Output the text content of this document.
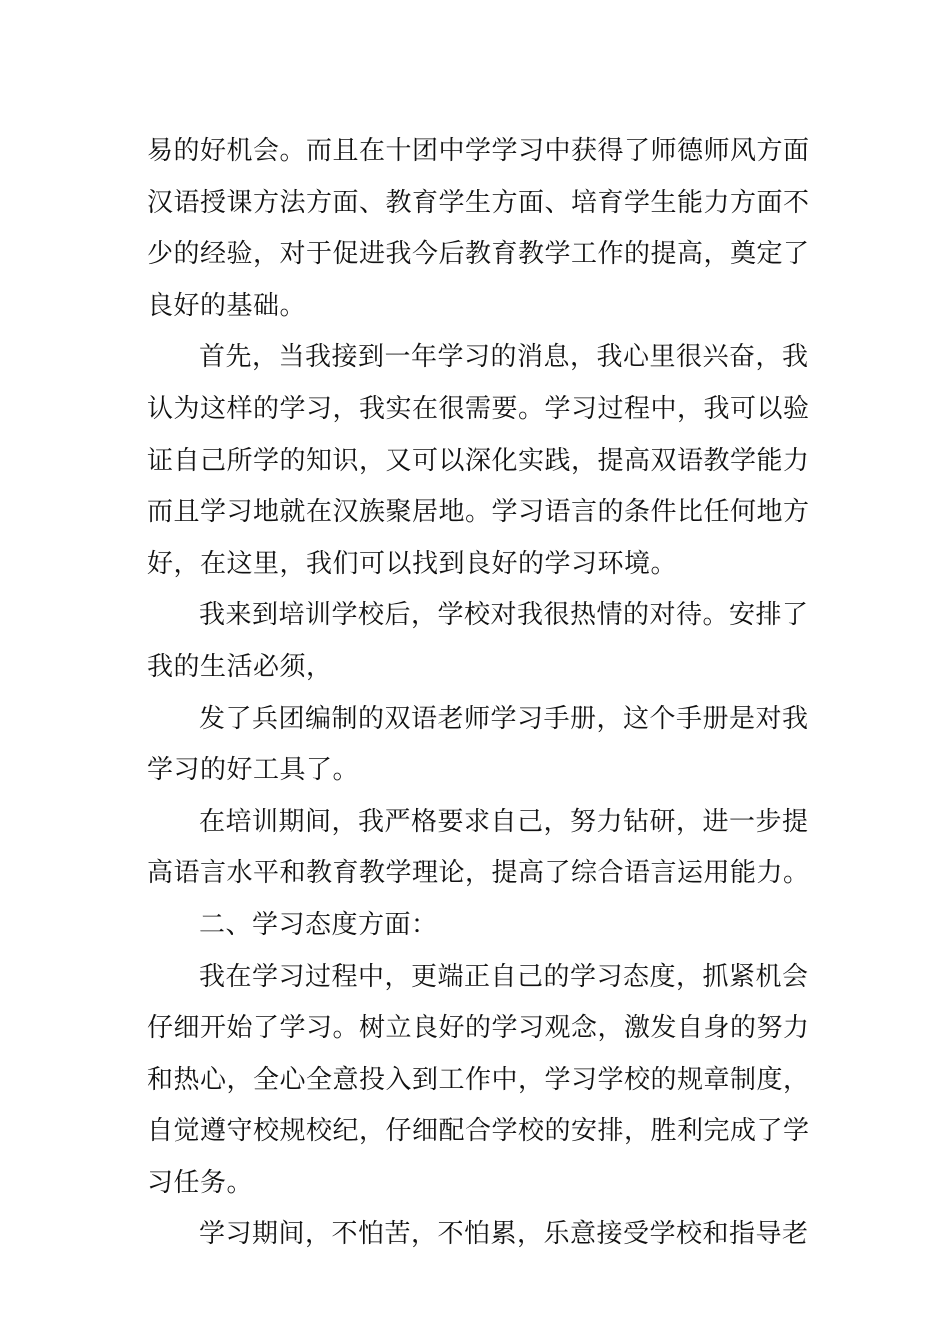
易的好机会。而且在十团中学学习中获得了师德师风方面
汉语授课方法方面、教育学生方面、培育学生能力方面不
少的经验，对于促进我今后教育教学工作的提高，奠定了
良好的基础。
首先，当我接到一年学习的消息，我心里很兴奋，我
认为这样的学习，我实在很需要。学习过程中，我可以验
证自己所学的知识，又可以深化实践，提高双语教学能力
而且学习地就在汉族聚居地。学习语言的条件比任何地方
好，在这里，我们可以找到良好的学习环境。
我来到培训学校后，学校对我很热情的对待。安排了
我的生活必须，
发了兵团编制的双语老师学习手册，这个手册是对我
学习的好工具了。
在培训期间，我严格要求自己，努力钻研，进一步提
高语言水平和教育教学理论，提高了综合语言运用能力。
二、学习态度方面：
我在学习过程中，更端正自己的学习态度，抓紧机会
仔细开始了学习。树立良好的学习观念，激发自身的努力
和热心，全心全意投入到工作中，学习学校的规章制度，
自觉遵守校规校纪，仔细配合学校的安排，胜利完成了学
习任务。
学习期间，不怕苦，不怕累，乐意接受学校和指导老
